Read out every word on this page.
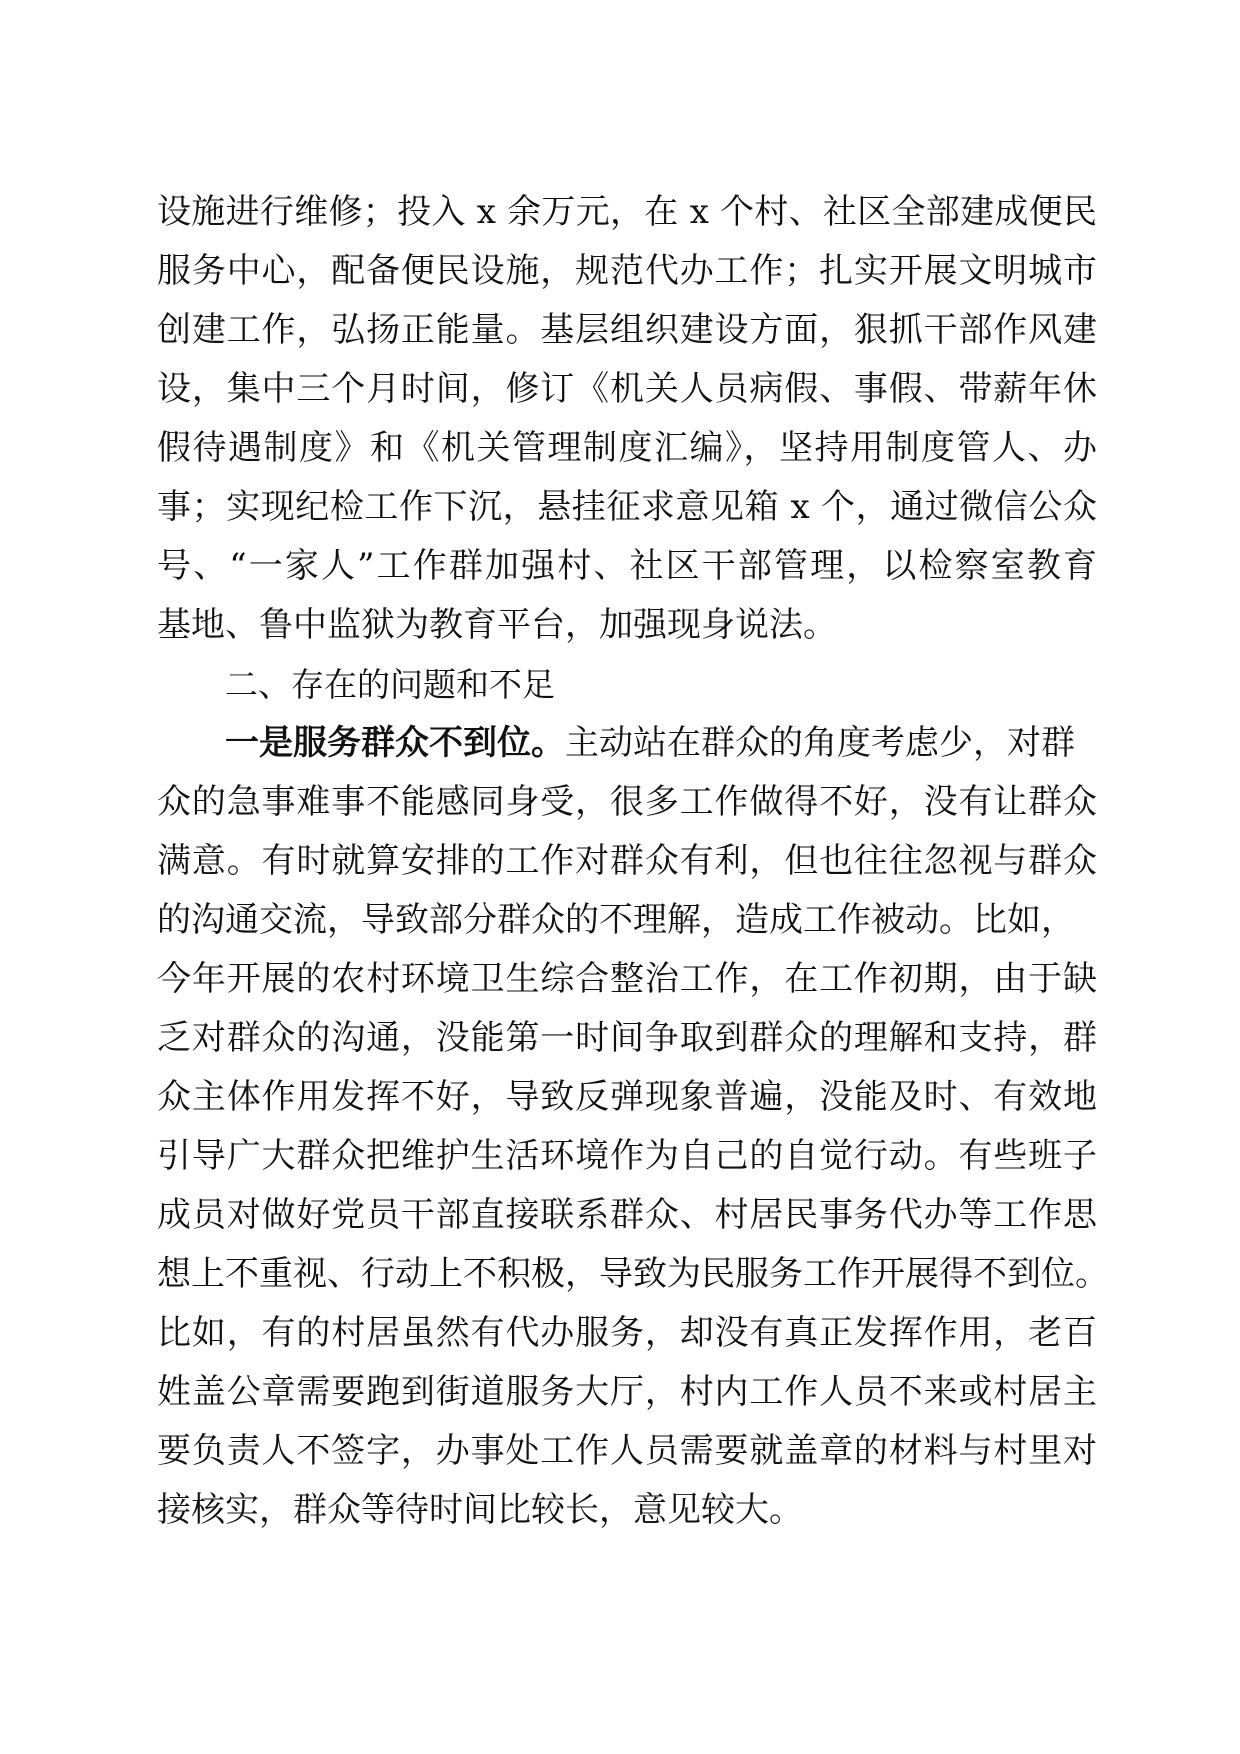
设施进行维修；投入 x 余万元，在 x 个村、社区全部建成便民
服务中心，配备便民设施，规范代办工作；扎实开展文明城市
创建工作，弘扬正能量。基层组织建设方面，狠抓干部作风建
设，集中三个月时间，修订《机关人员病假、事假、带薪年休
假待遇制度》和《机关管理制度汇编》，坚持用制度管人、办
事；实现纪检工作下沉，悬挂征求意见箱 x 个，通过微信公众
号、“一家人”工作群加强村、社区干部管理，以检察室教育
基地、鲁中监狱为教育平台，加强现身说法。
二、存在的问题和不足
一是服务群众不到位。主动站在群众的角度考虑少，对群
众的急事难事不能感同身受，很多工作做得不好，没有让群众
满意。有时就算安排的工作对群众有利，但也往往忽视与群众
的沟通交流，导致部分群众的不理解，造成工作被动。比如，
今年开展的农村环境卫生综合整治工作，在工作初期，由于缺
乏对群众的沟通，没能第一时间争取到群众的理解和支持，群
众主体作用发挥不好，导致反弹现象普遍，没能及时、有效地
引导广大群众把维护生活环境作为自己的自觉行动。有些班子
成员对做好党员干部直接联系群众、村居民事务代办等工作思
想上不重视、行动上不积极，导致为民服务工作开展得不到位。
比如，有的村居虽然有代办服务，却没有真正发挥作用，老百
姓盖公章需要跑到街道服务大厅，村内工作人员不来或村居主
要负责人不签字，办事处工作人员需要就盖章的材料与村里对
接核实，群众等待时间比较长，意见较大。
